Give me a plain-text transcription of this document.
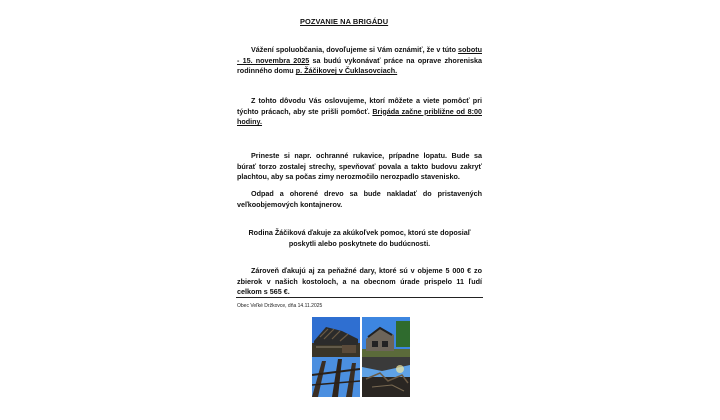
POZVANIE NA BRIGÁDU

Vážení spoluobčania, dovoľujeme si Vám oznámiť, že v túto sobotu - 15. novembra 2025 sa budú vykonávať práce na oprave zhoreniska rodinného domu p. Žáčikovej v Čuklasovciach.

Z tohto dôvodu Vás oslovujeme, ktorí môžete a viete pomôcť pri týchto prácach, aby ste prišli pomôcť. Brigáda začne približne od 8:00 hodiny.

Prineste si napr. ochranné rukavice, prípadne lopatu. Bude sa búrať torzo zostalej strechy, spevňovať povala a takto budovu zakryť plachtou, aby sa počas zimy nerozmočilo nerozpadlo stavenisko.

Odpad a ohorené drevo sa bude nakladať do pristavených veľkoobjemových kontajnerov.

Rodina Žáčiková ďakuje za akúkoľvek pomoc, ktorú ste doposiaľ poskytli alebo poskytnete do budúcnosti.

Zároveň ďakujú aj za peňažné dary, ktoré sú v objeme 5 000 € zo zbierok v našich kostoloch, a na obecnom úrade prispelo 11 ľudí celkom s 565 €.

Obec Veľké Držkovce, dňa 14.11.2025
